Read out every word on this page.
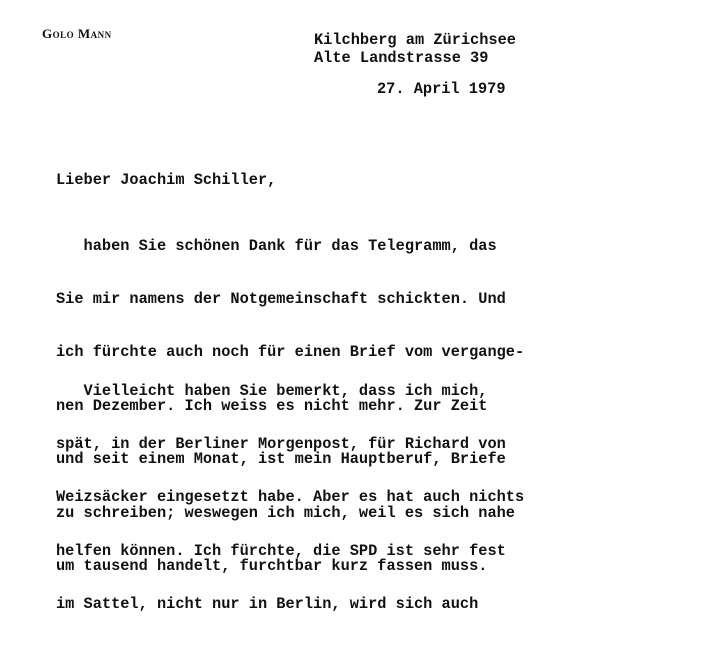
Golo Mann	Kilchberg am Zürichsee
Alte Landstrasse 39
27. April 1979
Lieber Joachim Schiller,

haben Sie schönen Dank für das Telegramm, das

Sie mir namens der Notgemeinschaft schickten. Und

ich fürchte auch noch für einen Brief vom vergange-

nen Dezember. Ich weiss es nicht mehr. Zur Zeit

und seit einem Monat, ist mein Hauptberuf, Briefe

zu schreiben; weswegen ich mich, weil es sich nahe

um tausend handelt, furchtbar kurz fassen muss.

Vielleicht haben Sie bemerkt, dass ich mich,

spät, in der Berliner Morgenpost, für Richard von

Weizsäcker eingesetzt habe. Aber es hat auch nichts

helfen können. Ich fürchte, die SPD ist sehr fest

im Sattel, nicht nur in Berlin, wird sich auch
